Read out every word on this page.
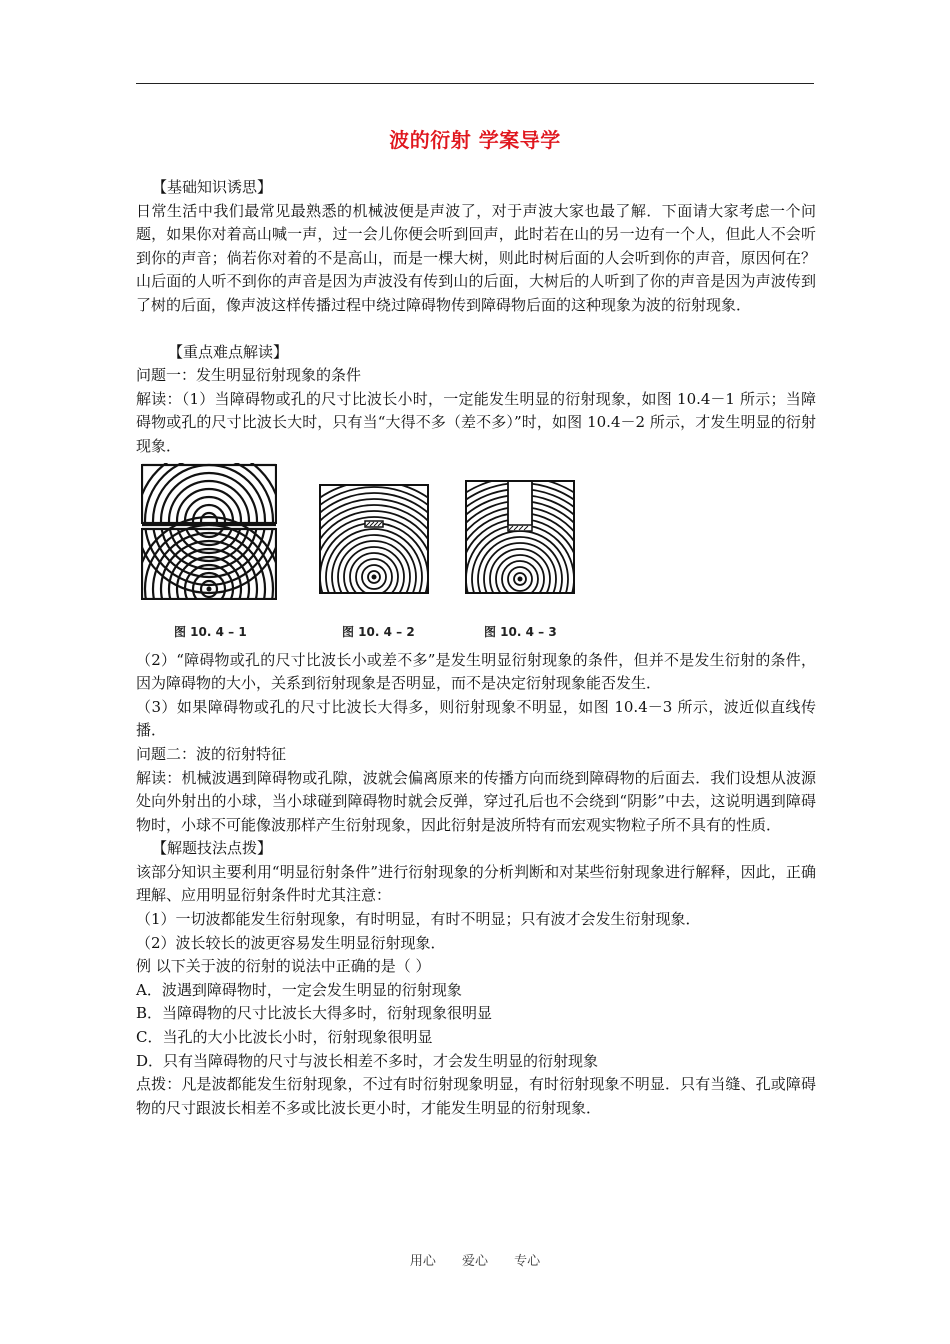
波的衍射 学案导学

【基础知识诱思】

日常生活中我们最常见最熟悉的机械波便是声波了，对于声波大家也最了解．下面请大家考虑一个问题，如果你对着高山喊一声，过一会儿你便会听到回声，此时若在山的另一边有一个人，但此人不会听到你的声音；倘若你对着的不是高山，而是一棵大树，则此时树后面的人会听到你的声音，原因何在？山后面的人听不到你的声音是因为声波没有传到山的后面，大树后的人听到了你的声音是因为声波传到了树的后面，像声波这样传播过程中绕过障碍物传到障碍物后面的这种现象为波的衍射现象．

【重点难点解读】

问题一：发生明显衍射现象的条件

解读：（1）当障碍物或孔的尺寸比波长小时，一定能发生明显的衍射现象，如图 10.4－1 所示；当障碍物或孔的尺寸比波长大时，只有当“大得不多（差不多）”时，如图 10.4－2 所示，才发生明显的衍射现象．

图 10. 4 – 1	图 10. 4 – 2	图 10. 4 – 3

（2）“障碍物或孔的尺寸比波长小或差不多”是发生明显衍射现象的条件，但并不是发生衍射的条件，因为障碍物的大小，关系到衍射现象是否明显，而不是决定衍射现象能否发生．

（3）如果障碍物或孔的尺寸比波长大得多，则衍射现象不明显，如图 10.4－3 所示，波近似直线传播．

问题二：波的衍射特征

解读：机械波遇到障碍物或孔隙，波就会偏离原来的传播方向而绕到障碍物的后面去．我们设想从波源处向外射出的小球，当小球碰到障碍物时就会反弹，穿过孔后也不会绕到“阴影”中去，这说明遇到障碍物时，小球不可能像波那样产生衍射现象，因此衍射是波所特有而宏观实物粒子所不具有的性质．

【解题技法点拨】

该部分知识主要利用“明显衍射条件”进行衍射现象的分析判断和对某些衍射现象进行解释，因此，正确理解、应用明显衍射条件时尤其注意：

（1）一切波都能发生衍射现象，有时明显，有时不明显；只有波才会发生衍射现象．

（2）波长较长的波更容易发生明显衍射现象．

例 以下关于波的衍射的说法中正确的是（ ）

A．波遇到障碍物时，一定会发生明显的衍射现象

B．当障碍物的尺寸比波长大得多时，衍射现象很明显

C．当孔的大小比波长小时，衍射现象很明显

D．只有当障碍物的尺寸与波长相差不多时，才会发生明显的衍射现象

点拨：凡是波都能发生衍射现象，不过有时衍射现象明显，有时衍射现象不明显．只有当缝、孔或障碍物的尺寸跟波长相差不多或比波长更小时，才能发生明显的衍射现象．

用心 爱心 专心
